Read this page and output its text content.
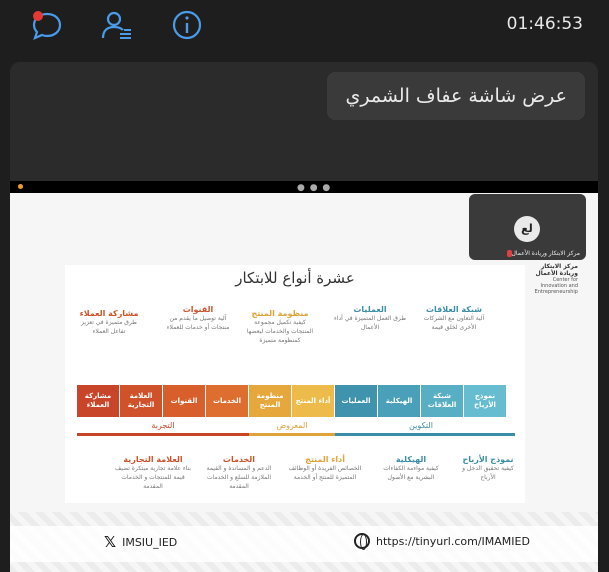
01:46:53
عرض شاشة عفاف الشمري
● ● ●
مركز الابتكار وريادة الأعمال
Center for Innovation and Entrepreneurship
عشرة أنواع للابتكار
مشاركة العملاء
طرق متميزة في تعزيز تفاعل العملاء
القنوات
آلية توصيل ما يقدم من منتجات أو خدمات للعملاء
منظومة المنتج
كيفية تكميل مجموعة المنتجات والخدمات لبعضها كمنظومة متميزة
العمليات
طرق العمل المتميزة في أداء الأعمال
شبكة العلاقات
آلية التعاون مع الشركات الأخرى لخلق قيمة
مشاركة العملاء
العلامة التجارية
القنوات	الخدمات
منظومة المنتج
أداء المنتج	العمليات	الهيكلية
شبكة العلاقات
نموذج الأرباح
التجربة	المعروض	التكوين
العلامة التجارية
بناء علامة تجارية مبتكرة تضيف قيمة للمنتجات و الخدمات المقدمة
الخدمات
الدعم و المساندة و القيمة الملازمة للسلع و الخدمات المقدمة
أداء المنتج
الخصائص الفريدة أو الوظائف المتميزة للمنتج أو الخدمة
الهيكلية
كيفية مواءمة الكفاءات البشرية مع الأصول
نموذج الأرباح
كيفية تحقيق الدخل و الأرباح
𝕏 IMSIU_IED	https://tinyurl.com/IMAMIED
لع
مركز الابتكار وريادة الأعمال
